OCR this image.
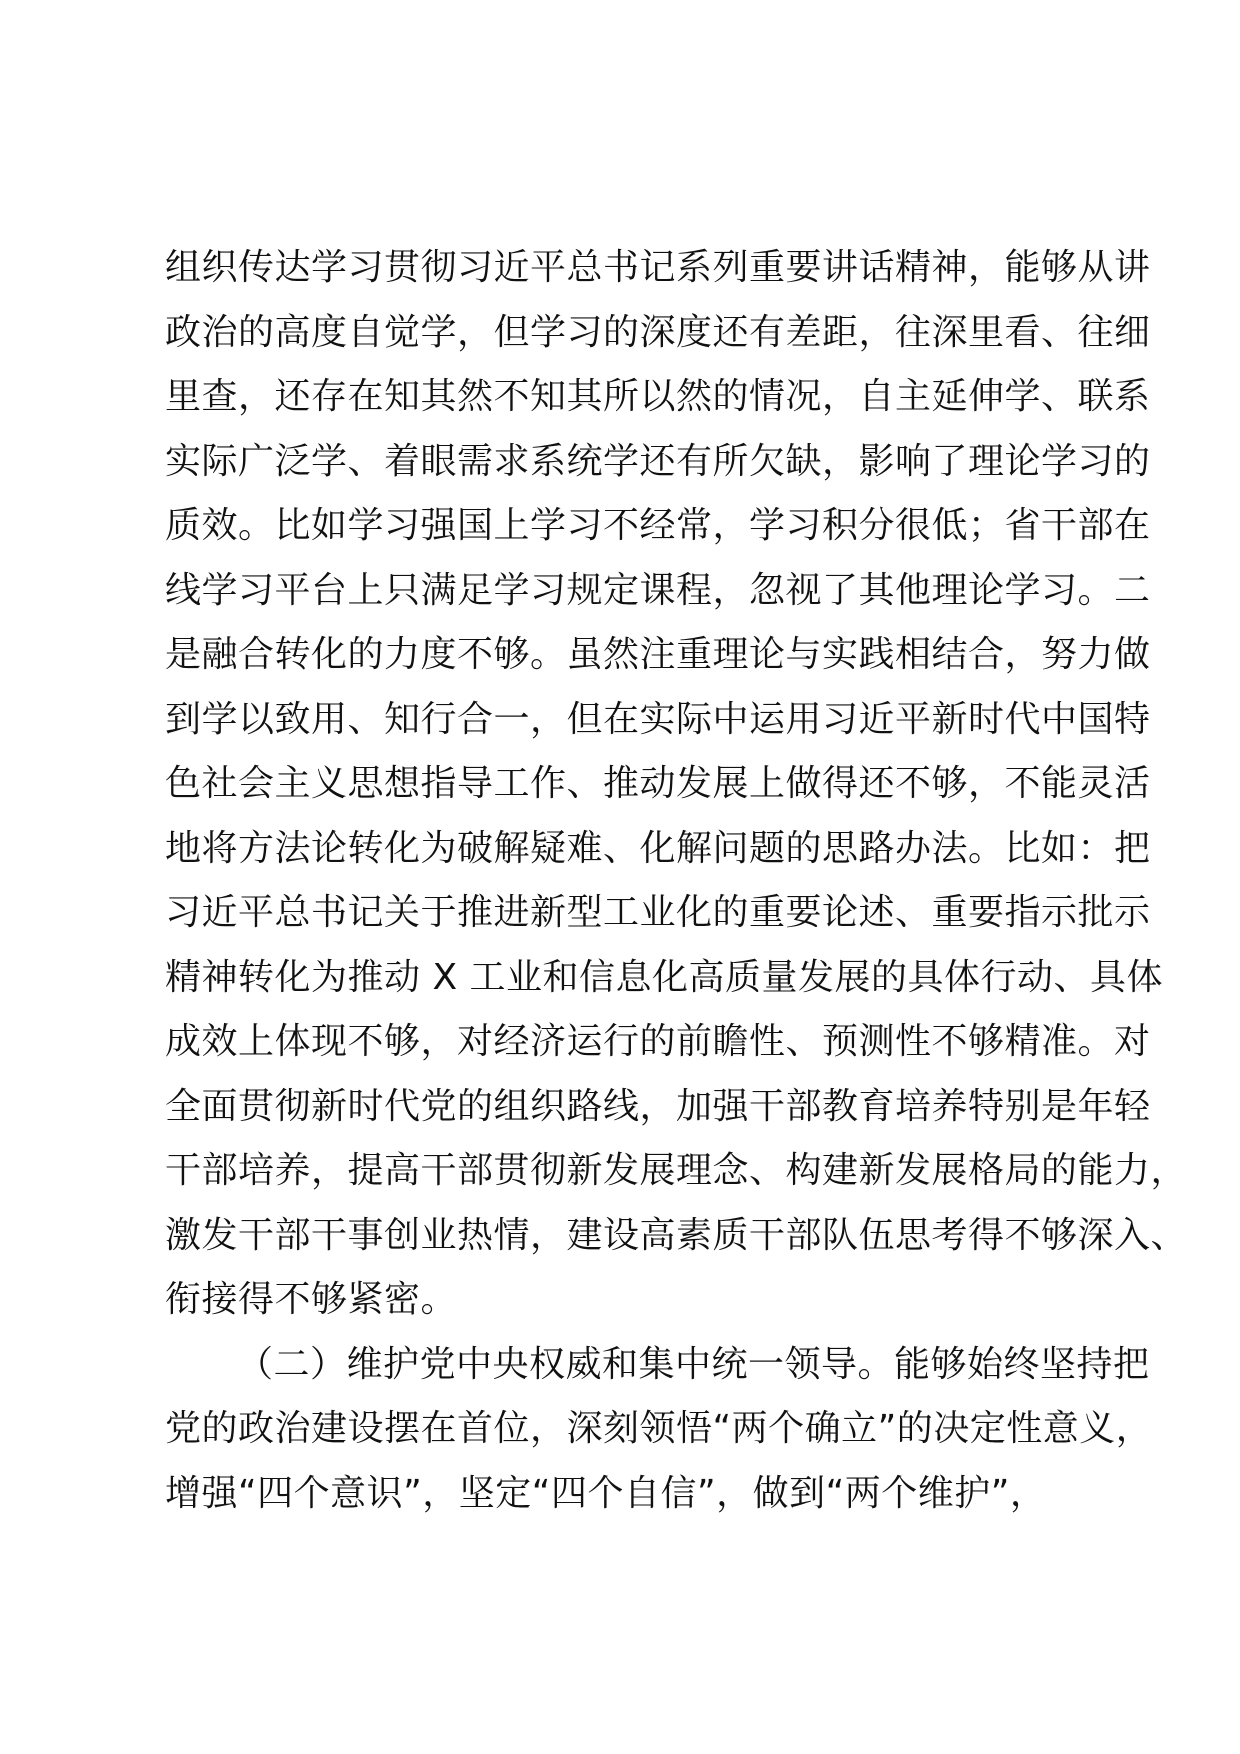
组织传达学习贯彻习近平总书记系列重要讲话精神，能够从讲
政治的高度自觉学，但学习的深度还有差距，往深里看、往细
里查，还存在知其然不知其所以然的情况，自主延伸学、联系
实际广泛学、着眼需求系统学还有所欠缺，影响了理论学习的
质效。比如学习强国上学习不经常，学习积分很低；省干部在
线学习平台上只满足学习规定课程，忽视了其他理论学习。二
是融合转化的力度不够。虽然注重理论与实践相结合，努力做
到学以致用、知行合一，但在实际中运用习近平新时代中国特
色社会主义思想指导工作、推动发展上做得还不够，不能灵活
地将方法论转化为破解疑难、化解问题的思路办法。比如：把
习近平总书记关于推进新型工业化的重要论述、重要指示批示
精神转化为推动 X 工业和信息化高质量发展的具体行动、具体
成效上体现不够，对经济运行的前瞻性、预测性不够精准。对
全面贯彻新时代党的组织路线，加强干部教育培养特别是年轻
干部培养，提高干部贯彻新发展理念、构建新发展格局的能力，
激发干部干事创业热情，建设高素质干部队伍思考得不够深入、
衔接得不够紧密。
（二）维护党中央权威和集中统一领导。能够始终坚持把
党的政治建设摆在首位，深刻领悟“两个确立”的决定性意义，
增强“四个意识”，坚定“四个自信”，做到“两个维护”，
